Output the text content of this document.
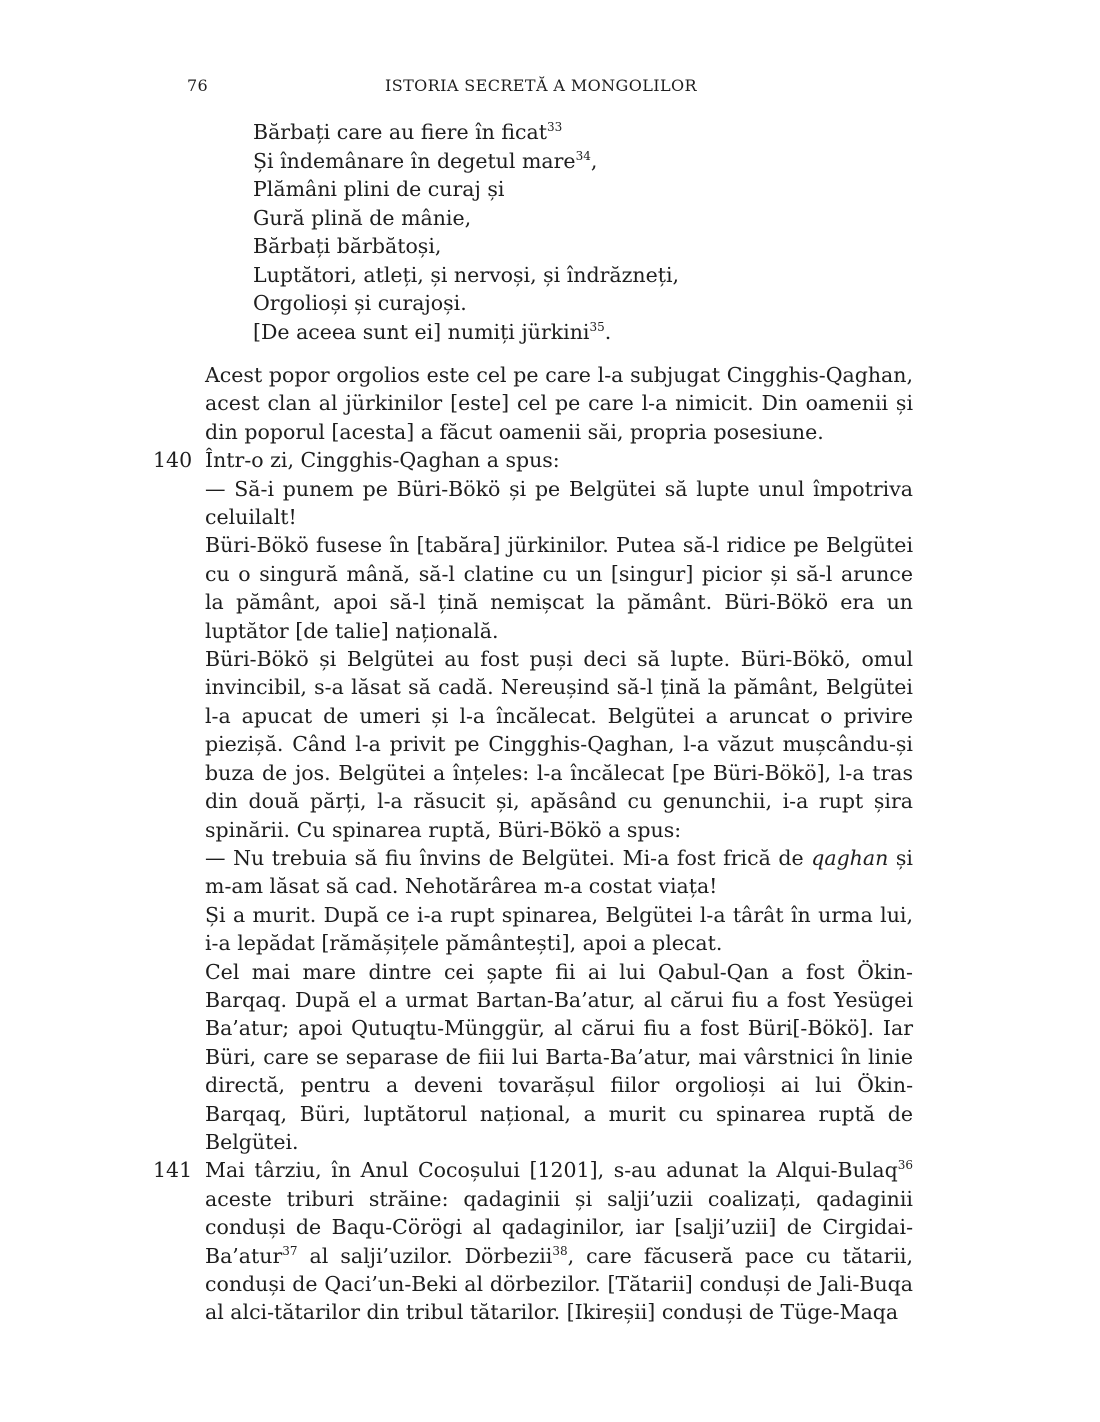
76	ISTORIA SECRETĂ A MONGOLILOR
Bărbați care au fiere în ficat$^{33}$
Și îndemânare în degetul mare$^{34}$,
Plămâni plini de curaj și
Gură plină de mânie,
Bărbați bărbătoși,
Luptători, atleți, și nervoși, și îndrăzneți,
Orgolioși și curajoși.
[De aceea sunt ei] numiți jürkini$^{35}$.
Acest popor orgolios este cel pe care l-a subjugat Cingghis-Qaghan, acest clan al jürkinilor [este] cel pe care l-a nimicit. Din oamenii și din poporul [acesta] a făcut oamenii săi, propria posesiune.
140 Într-o zi, Cingghis-Qaghan a spus:
— Să-i punem pe Büri-Bökö și pe Belgütei să lupte unul împotriva celuilalt!
Büri-Bökö fusese în [tabăra] jürkinilor. Putea să-l ridice pe Belgütei cu o singură mână, să-l clatine cu un [singur] picior și să-l arunce la pământ, apoi să-l țină nemișcat la pământ. Büri-Bökö era un luptător [de talie] națională.
Büri-Bökö și Belgütei au fost puși deci să lupte. Büri-Bökö, omul invincibil, s-a lăsat să cadă. Nereușind să-l țină la pământ, Belgütei l-a apucat de umeri și l-a încălecat. Belgütei a aruncat o privire piezișă. Când l-a privit pe Cingghis-Qaghan, l-a văzut mușcându-și buza de jos. Belgütei a înțeles: l-a încălecat [pe Büri-Bökö], l-a tras din două părți, l-a răsucit și, apăsând cu genunchii, i-a rupt șira spinării. Cu spinarea ruptă, Büri-Bökö a spus:
— Nu trebuia să fiu învins de Belgütei. Mi-a fost frică de qaghan și m-am lăsat să cad. Nehotărârea m-a costat viața!
Și a murit. După ce i-a rupt spinarea, Belgütei l-a târât în urma lui, i-a lepădat [rămășițele pământești], apoi a plecat.
Cel mai mare dintre cei șapte fii ai lui Qabul-Qan a fost Ökin-Barqaq. După el a urmat Bartan-Ba’atur, al cărui fiu a fost Yesügei Ba’atur; apoi Qutuqtu-Münggür, al cărui fiu a fost Büri[-Bökö]. Iar Büri, care se separase de fiii lui Barta-Ba’atur, mai vârstnici în linie directă, pentru a deveni tovarășul fiilor orgolioși ai lui Ökin-Barqaq, Büri, luptătorul național, a murit cu spinarea ruptă de Belgütei.
141 Mai târziu, în Anul Cocoșului [1201], s-au adunat la Alqui-Bulaq$^{36}$ aceste triburi străine: qadaginii și salji’uzii coalizați, qadaginii conduși de Baqu-Cörögi al qadaginilor, iar [salji’uzii] de Cirgidai-Ba’atur$^{37}$ al salji’uzilor. Dörbezii$^{38}$, care făcuseră pace cu tătarii, conduși de Qaci’un-Beki al dörbezilor. [Tătarii] conduși de Jali-Buqa al alci-tătarilor din tribul tătarilor. [Ikireșii] conduși de Tüge-Maqa
